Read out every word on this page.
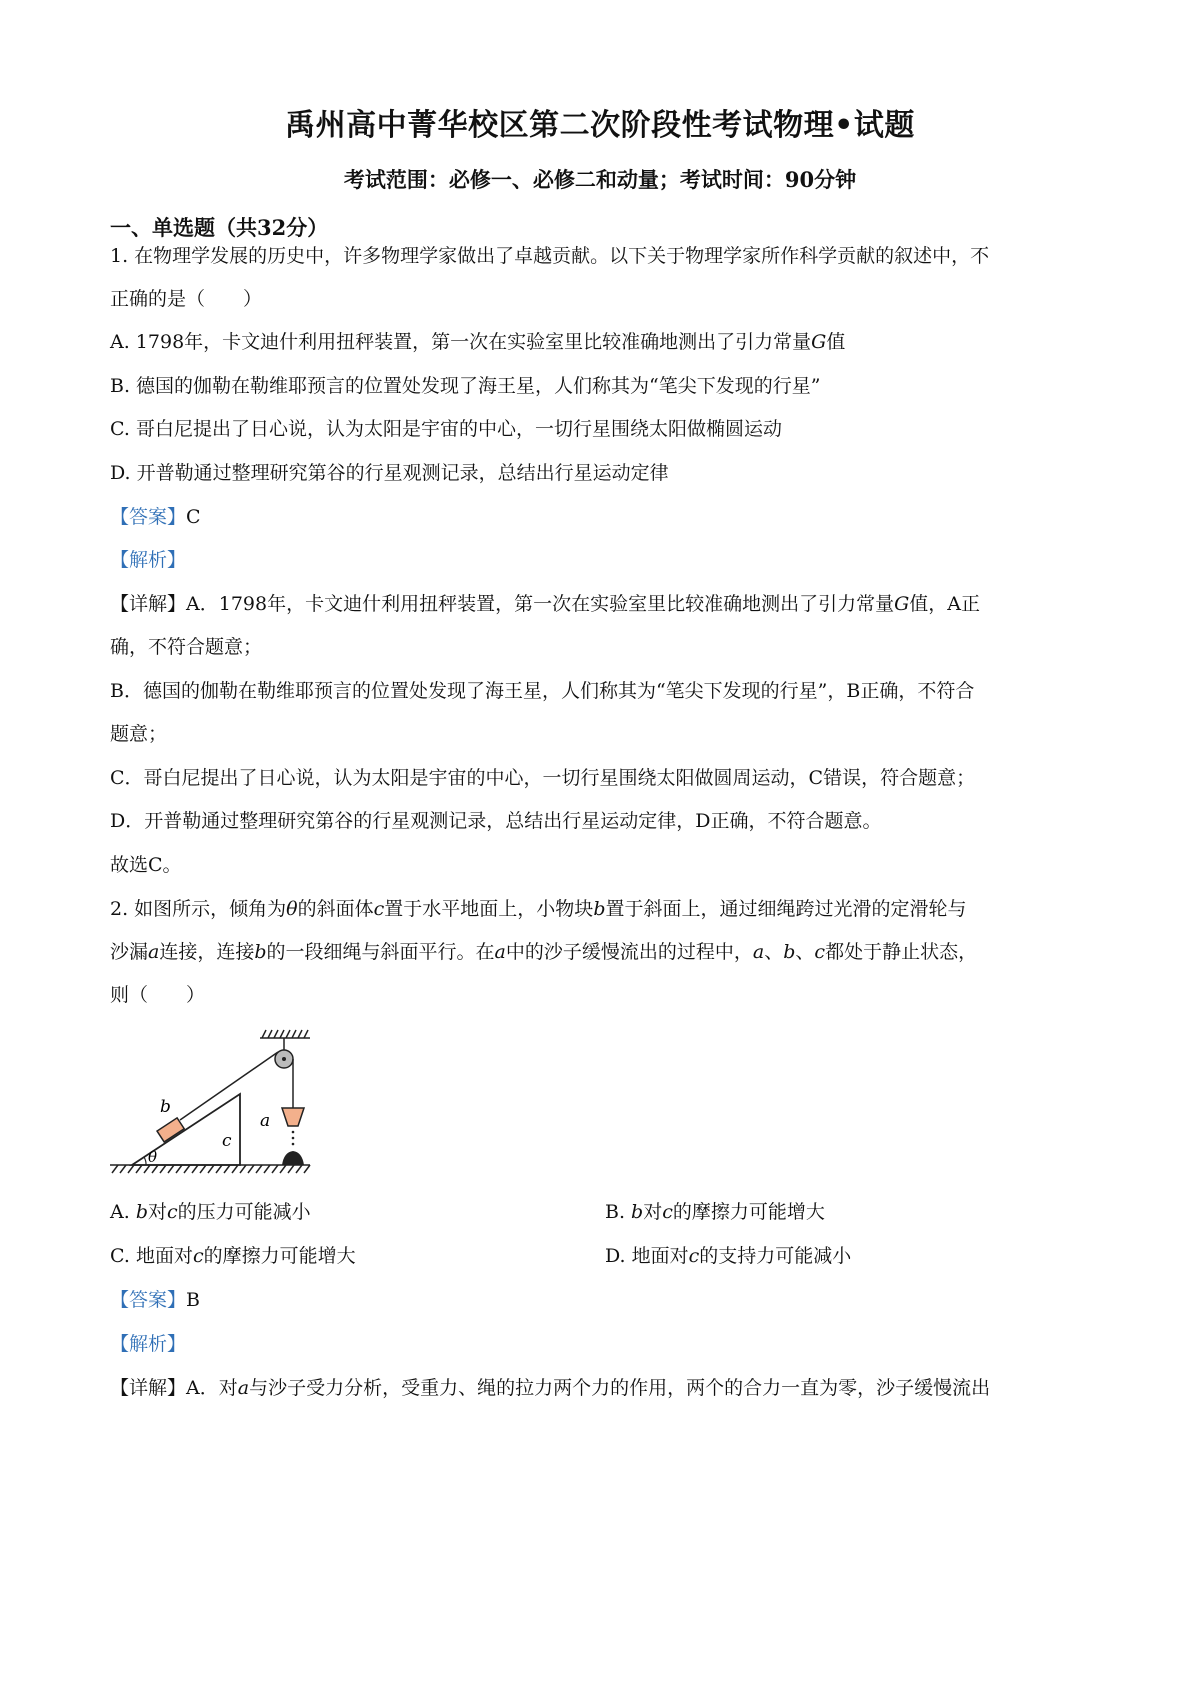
禹州高中菁华校区第二次阶段性考试物理•试题
考试范围：必修一、必修二和动量；考试时间：90分钟
一、单选题（共32分）
1. 在物理学发展的历史中，许多物理学家做出了卓越贡献。以下关于物理学家所作科学贡献的叙述中，不
正确的是（　　）
A. 1798年，卡文迪什利用扭秤装置，第一次在实验室里比较准确地测出了引力常量G值
B. 德国的伽勒在勒维耶预言的位置处发现了海王星，人们称其为“笔尖下发现的行星”
C. 哥白尼提出了日心说，认为太阳是宇宙的中心，一切行星围绕太阳做椭圆运动
D. 开普勒通过整理研究第谷的行星观测记录，总结出行星运动定律
【答案】C
【解析】
【详解】A．1798年，卡文迪什利用扭秤装置，第一次在实验室里比较准确地测出了引力常量G值，A正
确，不符合题意；
B．德国的伽勒在勒维耶预言的位置处发现了海王星，人们称其为“笔尖下发现的行星”，B正确，不符合
题意；
C．哥白尼提出了日心说，认为太阳是宇宙的中心，一切行星围绕太阳做圆周运动，C错误，符合题意；
D．开普勒通过整理研究第谷的行星观测记录，总结出行星运动定律，D正确，不符合题意。
故选C。
2. 如图所示，倾角为θ的斜面体c置于水平地面上，小物块b置于斜面上，通过细绳跨过光滑的定滑轮与
沙漏a连接，连接b的一段细绳与斜面平行。在a中的沙子缓慢流出的过程中，a、b、c都处于静止状态，
则（　　）
b
a
c
θ
A. b对c的压力可能减小	B. b对c的摩擦力可能增大
C. 地面对c的摩擦力可能增大	D. 地面对c的支持力可能减小
【答案】B
【解析】
【详解】A．对a与沙子受力分析，受重力、绳的拉力两个力的作用，两个的合力一直为零，沙子缓慢流出
